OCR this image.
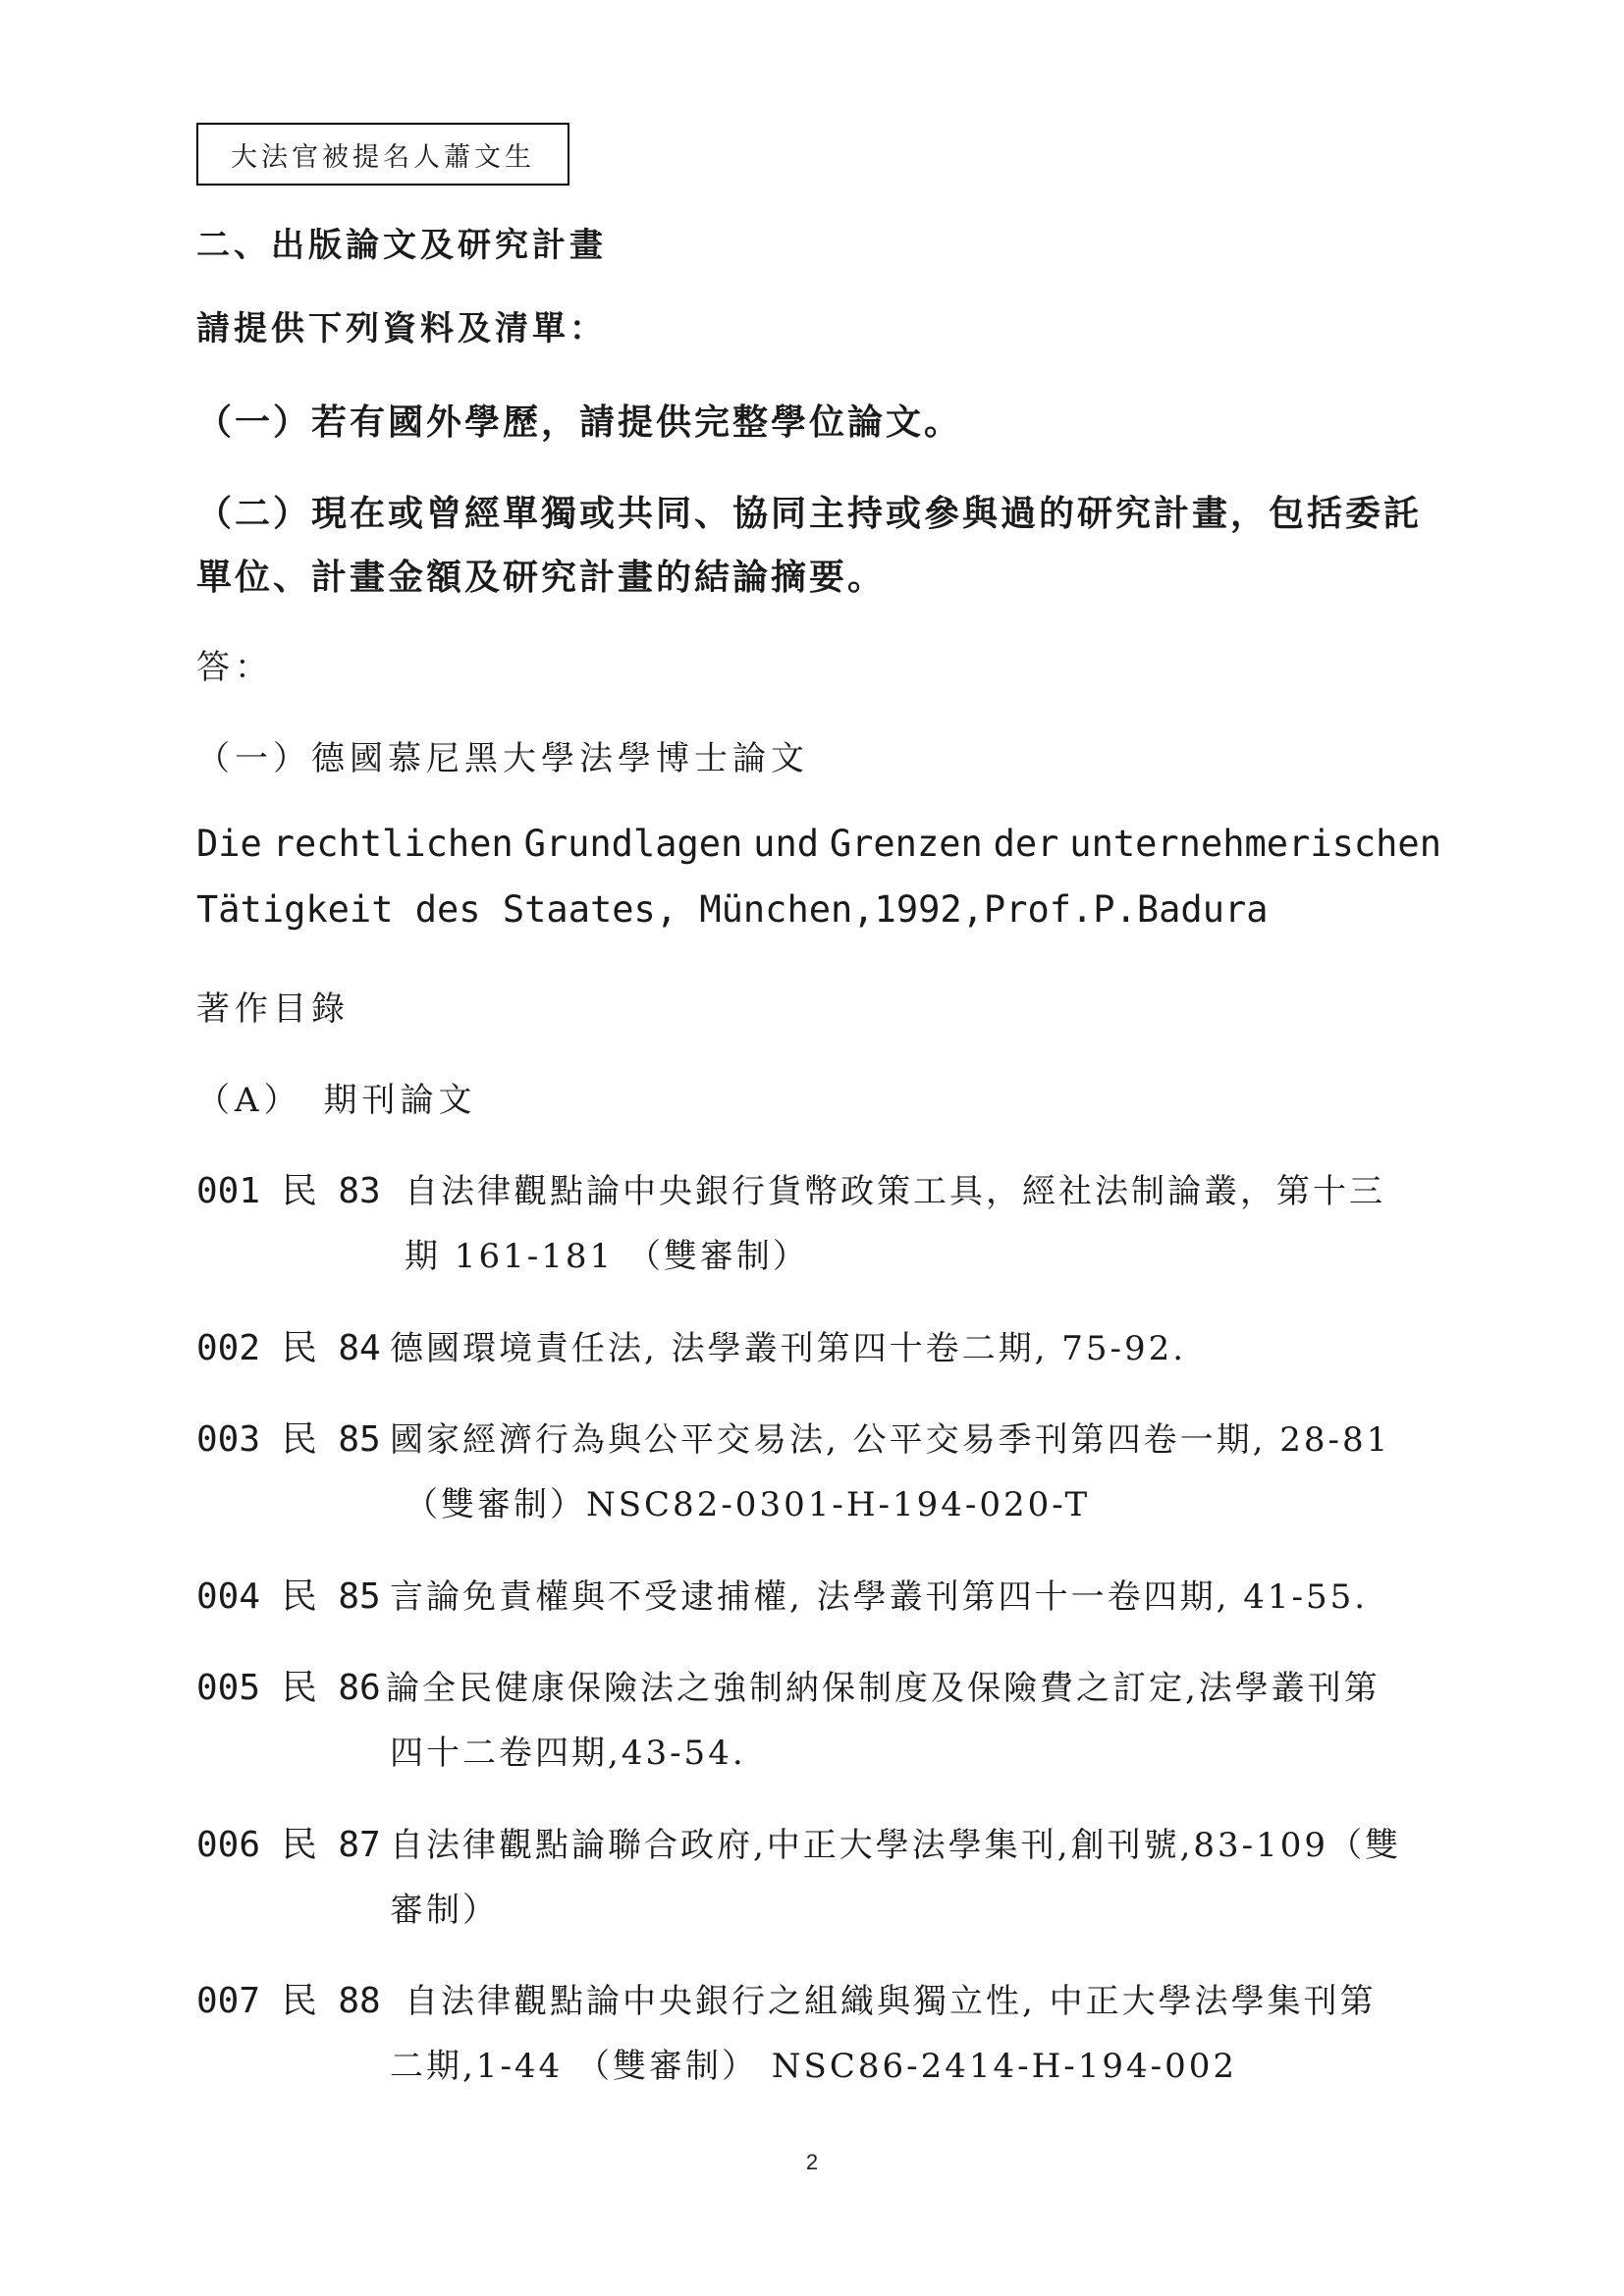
大法官被提名人蕭文生
二、出版論文及研究計畫
請提供下列資料及清單：
（一）若有國外學歷，請提供完整學位論文。
（二）現在或曾經單獨或共同、協同主持或參與過的研究計畫，包括委託
單位、計畫金額及研究計畫的結論摘要。
答：
（一）德國慕尼黑大學法學博士論文
Die rechtlichen Grundlagen und Grenzen der unternehmerischen
Tätigkeit des Staates, München,1992,Prof.P.Badura
著作目錄
（A）　期刊論文
001 民 83 自法律觀點論中央銀行貨幣政策工具，經社法制論叢，第十三
期 161-181 （雙審制）
002 民 84 德國環境責任法, 法學叢刊第四十卷二期, 75-92.
003 民 85 國家經濟行為與公平交易法, 公平交易季刊第四卷一期, 28-81
（雙審制）NSC82-0301-H-194-020-T
004 民 85 言論免責權與不受逮捕權, 法學叢刊第四十一卷四期, 41-55.
005 民 86 論全民健康保險法之強制納保制度及保險費之訂定,法學叢刊第
四十二卷四期,43-54.
006 民 87 自法律觀點論聯合政府,中正大學法學集刊,創刊號,83-109（雙
審制）
007 民 88 自法律觀點論中央銀行之組織與獨立性, 中正大學法學集刊第
二期,1-44 （雙審制） NSC86-2414-H-194-002
2
